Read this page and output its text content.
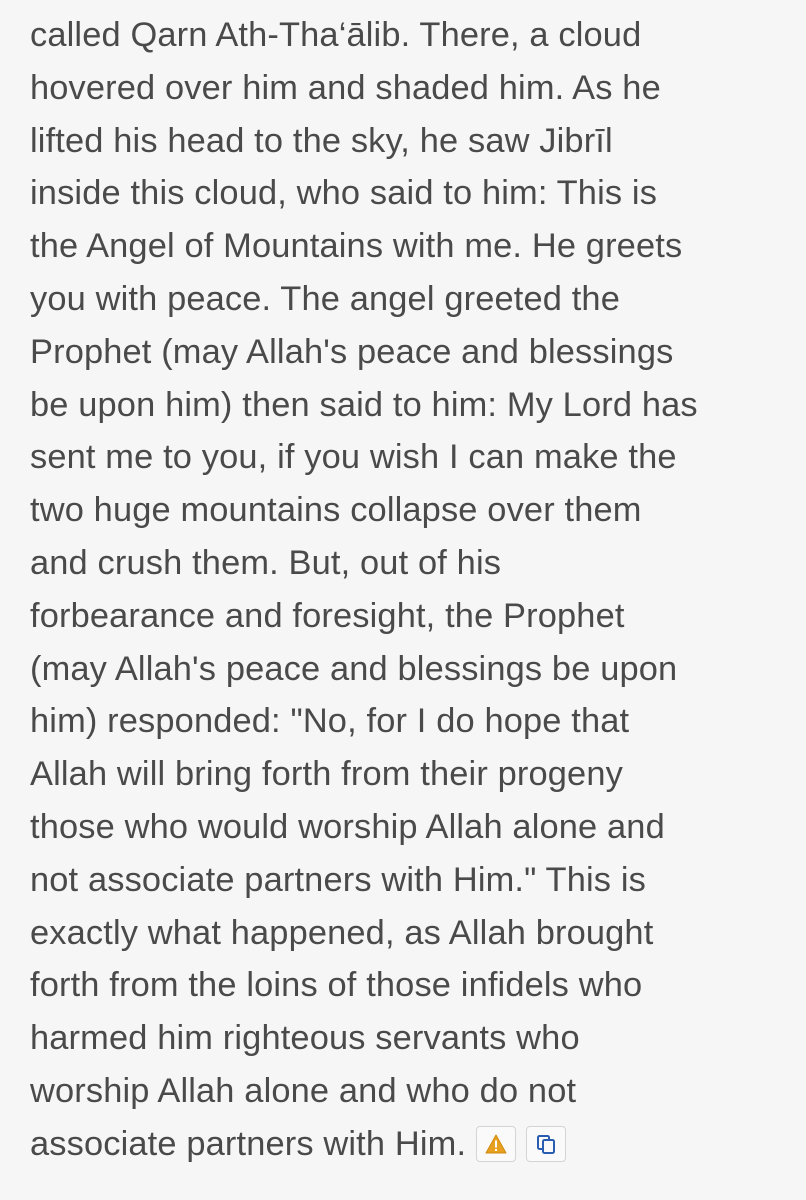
called Qarn Ath-Tha‘ālib. There, a cloud
hovered over him and shaded him. As he
lifted his head to the sky, he saw Jibrīl
inside this cloud, who said to him: This is
the Angel of Mountains with me. He greets
you with peace. The angel greeted the
Prophet (may Allah's peace and blessings
be upon him) then said to him: My Lord has
sent me to you, if you wish I can make the
two huge mountains collapse over them
and crush them. But, out of his
forbearance and foresight, the Prophet
(may Allah's peace and blessings be upon
him) responded: "No, for I do hope that
Allah will bring forth from their progeny
those who would worship Allah alone and
not associate partners with Him." This is
exactly what happened, as Allah brought
forth from the loins of those infidels who
harmed him righteous servants who
worship Allah alone and who do not
associate partners with Him.
